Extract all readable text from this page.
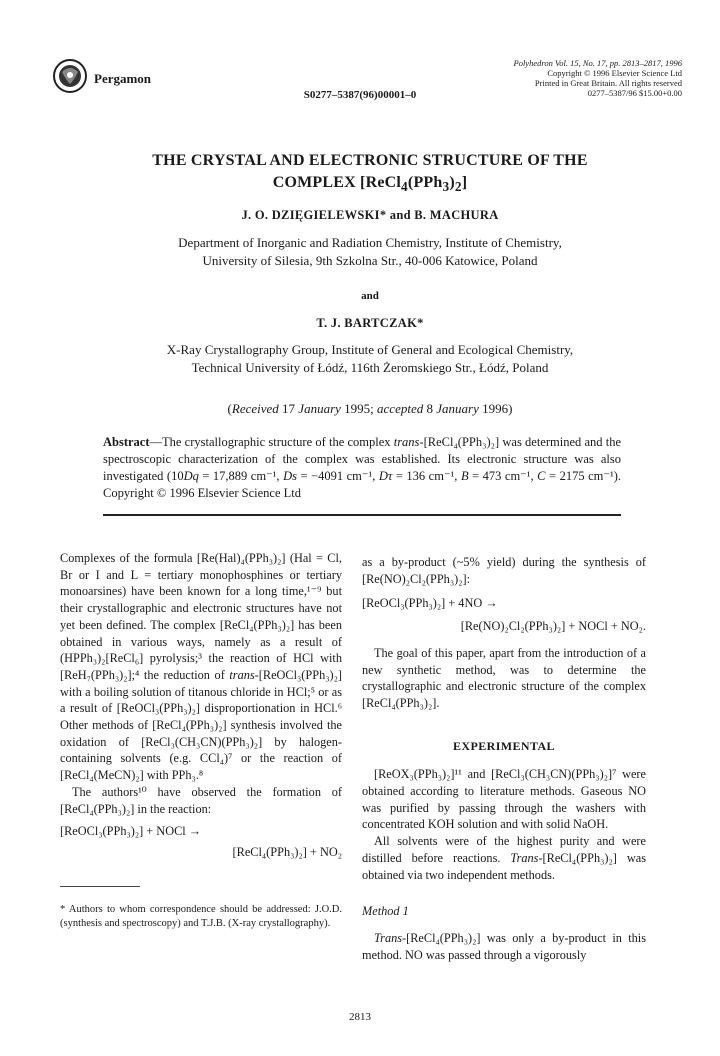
Pergamon
Polyhedron Vol. 15, No. 17, pp. 2813–2817, 1996
Copyright © 1996 Elsevier Science Ltd
Printed in Great Britain. All rights reserved
0277–5387/96 $15.00+0.00
S0277–5387(96)00001–0
THE CRYSTAL AND ELECTRONIC STRUCTURE OF THE
COMPLEX $[ReCl_4(PPh_3)_2]$
J. O. DZIĘGIELEWSKI* and B. MACHURA
Department of Inorganic and Radiation Chemistry, Institute of Chemistry,
University of Silesia, 9th Szkolna Str., 40-006 Katowice, Poland
and
T. J. BARTCZAK*
X-Ray Crystallography Group, Institute of General and Ecological Chemistry,
Technical University of Łódź, 116th Żeromskiego Str., Łódź, Poland
(Received 17 January 1995; accepted 8 January 1996)
Abstract—The crystallographic structure of the complex trans-[ReCl₄(PPh₃)₂] was determined and the spectroscopic characterization of the complex was established. Its electronic structure was also investigated (10Dq = 17,889 cm⁻¹, Ds = −4091 cm⁻¹, Dτ = 136 cm⁻¹, B = 473 cm⁻¹, C = 2175 cm⁻¹). Copyright © 1996 Elsevier Science Ltd

Complexes of the formula [Re(Hal)₄(PPh₃)₂] (Hal = Cl, Br or I and L = tertiary monophosphines or tertiary monoarsines) have been known for a long time,¹⁻⁹ but their crystallographic and electronic structures have not yet been defined. The complex [ReCl₄(PPh₃)₂] has been obtained in various ways, namely as a result of (HPPh₃)₂[ReCl₆] pyrolysis;³ the reaction of HCl with [ReH₇(PPh₃)₂];⁴ the reduction of trans-[ReOCl₃(PPh₃)₂] with a boiling solution of titanous chloride in HCl;⁵ or as a result of [ReOCl₃(PPh₃)₂] disproportionation in HCl.⁶ Other methods of [ReCl₄(PPh₃)₂] synthesis involved the oxidation of [ReCl₃(CH₃CN)(PPh₃)₂] by halogen-containing solvents (e.g. CCl₄)⁷ or the reaction of [ReCl₄(MeCN)₂] with PPh₃.⁸

The authors¹⁰ have observed the formation of [ReCl₄(PPh₃)₂] in the reaction:

[ReOCl₃(PPh₃)₂] + NOCl →

[ReCl₄(PPh₃)₂] + NO₂

as a by-product (~5% yield) during the synthesis of [Re(NO)₂Cl₂(PPh₃)₂]:

[ReOCl₃(PPh₃)₂] + 4NO →

[Re(NO)₂Cl₂(PPh₃)₂] + NOCl + NO₂.

The goal of this paper, apart from the introduction of a new synthetic method, was to determine the crystallographic and electronic structure of the complex [ReCl₄(PPh₃)₂].

EXPERIMENTAL

[ReOX₃(PPh₃)₂]¹¹ and [ReCl₃(CH₃CN)(PPh₃)₂]⁷ were obtained according to literature methods. Gaseous NO was purified by passing through the washers with concentrated KOH solution and with solid NaOH.

All solvents were of the highest purity and were distilled before reactions. Trans-[ReCl₄(PPh₃)₂] was obtained via two independent methods.

Method 1

Trans-[ReCl₄(PPh₃)₂] was only a by-product in this method. NO was passed through a vigorously

* Authors to whom correspondence should be addressed: J.O.D. (synthesis and spectroscopy) and T.J.B. (X-ray crystallography).
2813
